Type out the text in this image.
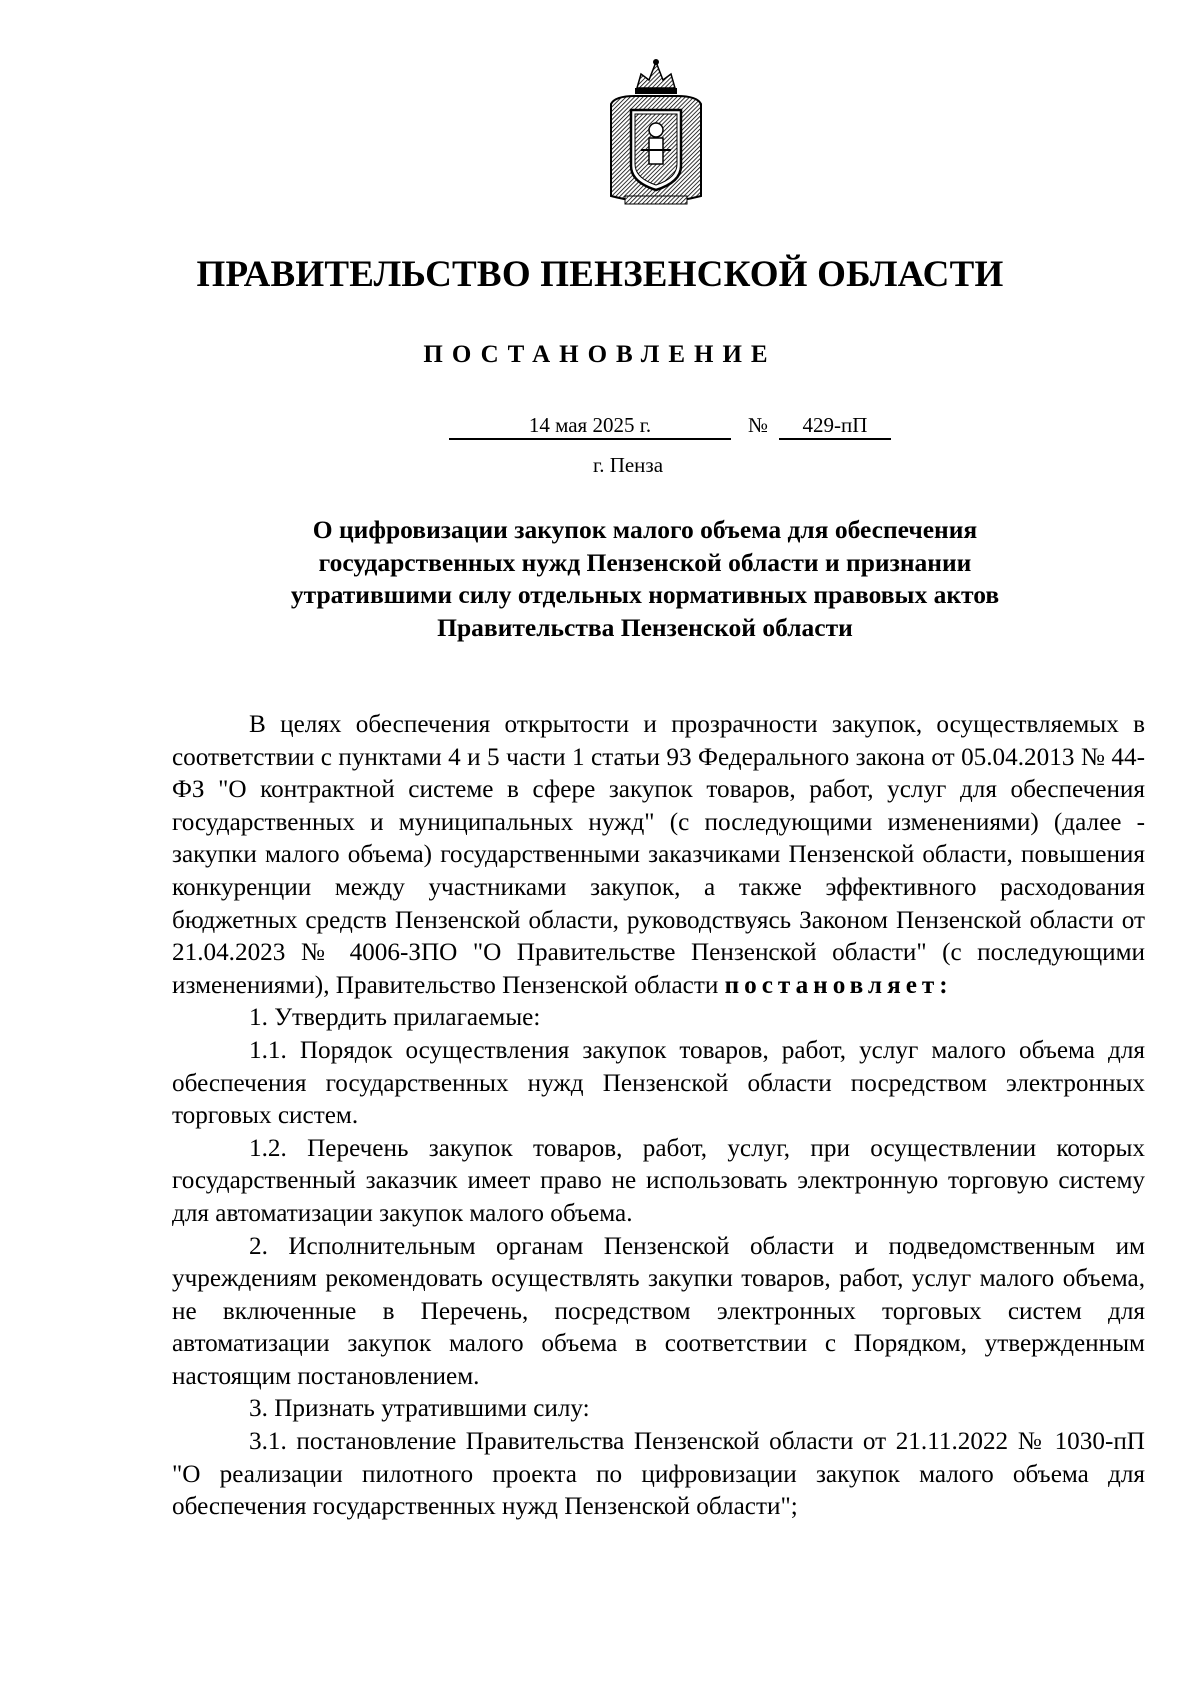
ПРАВИТЕЛЬСТВО ПЕНЗЕНСКОЙ ОБЛАСТИ
ПОСТАНОВЛЕНИЕ
14 мая 2025 г.	№	429-пП
г. Пенза
О цифровизации закупок малого объема для обеспечения государственных нужд Пензенской области и признании утратившими силу отдельных нормативных правовых актов Правительства Пензенской области

В целях обеспечения открытости и прозрачности закупок, осуществляемых в соответствии с пунктами 4 и 5 части 1 статьи 93 Федерального закона от 05.04.2013 № 44-ФЗ "О контрактной системе в сфере закупок товаров, работ, услуг для обеспечения государственных и муниципальных нужд" (с последующими изменениями) (далее - закупки малого объема) государственными заказчиками Пензенской области, повышения конкуренции между участниками закупок, а также эффективного расходования бюджетных средств Пензенской области, руководствуясь Законом Пензенской области от 21.04.2023 № 4006-ЗПО "О Правительстве Пензенской области" (с последующими изменениями), Правительство Пензенской области постановляет:

1. Утвердить прилагаемые:

1.1. Порядок осуществления закупок товаров, работ, услуг малого объема для обеспечения государственных нужд Пензенской области посредством электронных торговых систем.

1.2. Перечень закупок товаров, работ, услуг, при осуществлении которых государственный заказчик имеет право не использовать электронную торговую систему для автоматизации закупок малого объема.

2. Исполнительным органам Пензенской области и подведомственным им учреждениям рекомендовать осуществлять закупки товаров, работ, услуг малого объема, не включенные в Перечень, посредством электронных торговых систем для автоматизации закупок малого объема в соответствии с Порядком, утвержденным настоящим постановлением.

3. Признать утратившими силу:

3.1. постановление Правительства Пензенской области от 21.11.2022 № 1030-пП "О реализации пилотного проекта по цифровизации закупок малого объема для обеспечения государственных нужд Пензенской области";
